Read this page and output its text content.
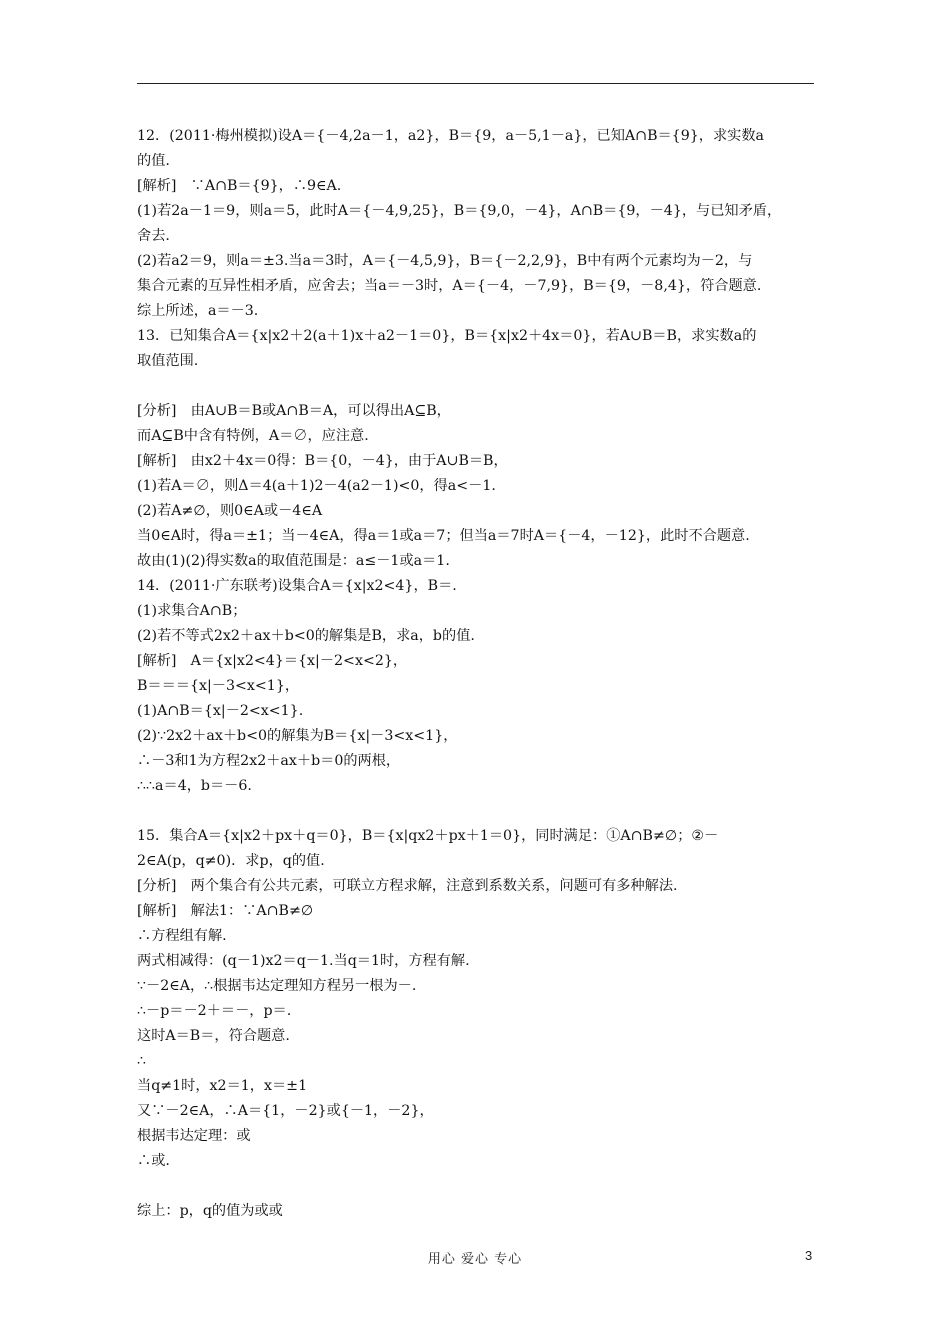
12．(2011·梅州模拟)设A＝{－4,2a－1，a2}，B＝{9，a－5,1－a}，已知A∩B＝{9}，求实数a
的值.
[解析]　∵A∩B＝{9}，∴9∈A.
(1)若2a－1＝9，则a＝5，此时A＝{－4,9,25}，B＝{9,0，－4}，A∩B＝{9，－4}，与已知矛盾，
舍去.
(2)若a2＝9，则a＝±3.当a＝3时，A＝{－4,5,9}，B＝{－2,2,9}，B中有两个元素均为－2，与
集合元素的互异性相矛盾，应舍去；当a＝－3时，A＝{－4，－7,9}，B＝{9，－8,4}，符合题意.
综上所述，a＝－3.
13．已知集合A＝{x|x2＋2(a＋1)x＋a2－1＝0}，B＝{x|x2＋4x＝0}，若A∪B＝B，求实数a的
取值范围.
[分析]　由A∪B＝B或A∩B＝A，可以得出A⊆B，
而A⊆B中含有特例，A＝∅，应注意.
[解析]　由x2＋4x＝0得：B＝{0，－4}，由于A∪B＝B，
(1)若A＝∅，则Δ＝4(a＋1)2－4(a2－1)<0，得a<－1.
(2)若A≠∅，则0∈A或－4∈A
当0∈A时，得a＝±1；当－4∈A，得a＝1或a＝7；但当a＝7时A＝{－4，－12}，此时不合题意.
故由(1)(2)得实数a的取值范围是：a≤－1或a＝1.
14．(2011·广东联考)设集合A＝{x|x2<4}，B＝.
(1)求集合A∩B；
(2)若不等式2x2＋ax＋b<0的解集是B，求a，b的值.
[解析]　A＝{x|x2<4}＝{x|－2<x<2}，
B＝＝＝{x|－3<x<1}，
(1)A∩B＝{x|－2<x<1}.
(2)∵2x2＋ax＋b<0的解集为B＝{x|－3<x<1}，
∴－3和1为方程2x2＋ax＋b＝0的两根，
∴∴a＝4，b＝－6.
15．集合A＝{x|x2＋px＋q＝0}，B＝{x|qx2＋px＋1＝0}，同时满足：①A∩B≠∅；②－
2∈A(p，q≠0)．求p，q的值.
[分析]　两个集合有公共元素，可联立方程求解，注意到系数关系，问题可有多种解法.
[解析]　解法1：∵A∩B≠∅
∴方程组有解.
两式相减得：(q－1)x2＝q－1.当q＝1时，方程有解.
∵－2∈A，∴根据韦达定理知方程另一根为－.
∴－p＝－2＋＝－，p＝.
这时A＝B＝，符合题意.
∴
当q≠1时，x2＝1，x＝±1
又∵－2∈A，∴A＝{1，－2}或{－1，－2}，
根据韦达定理：或
∴或.
综上：p，q的值为或或
用心 爱心 专心	3
